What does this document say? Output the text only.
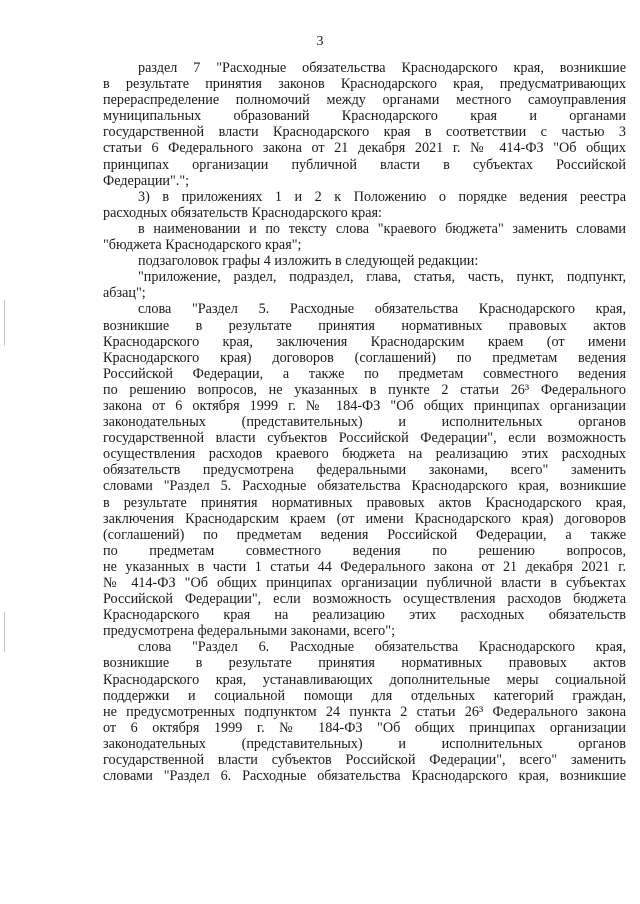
3
раздел 7 "Расходные обязательства Краснодарского края, возникшие
в результате принятия законов Краснодарского края, предусматривающих
перераспределение полномочий между органами местного самоуправления
муниципальных образований Краснодарского края и органами
государственной власти Краснодарского края в соответствии с частью 3
статьи 6 Федерального закона от 21 декабря 2021 г. № 414-ФЗ "Об общих
принципах организации публичной власти в субъектах Российской
Федерации".";
3) в приложениях 1 и 2 к Положению о порядке ведения реестра
расходных обязательств Краснодарского края:
в наименовании и по тексту слова "краевого бюджета" заменить словами
"бюджета Краснодарского края";
подзаголовок графы 4 изложить в следующей редакции:
"приложение, раздел, подраздел, глава, статья, часть, пункт, подпункт,
абзац";
слова "Раздел 5. Расходные обязательства Краснодарского края,
возникшие в результате принятия нормативных правовых актов
Краснодарского края, заключения Краснодарским краем (от имени
Краснодарского края) договоров (соглашений) по предметам ведения
Российской Федерации, а также по предметам совместного ведения
по решению вопросов, не указанных в пункте 2 статьи 26³ Федерального
закона от 6 октября 1999 г. № 184-ФЗ "Об общих принципах организации
законодательных (представительных) и исполнительных органов
государственной власти субъектов Российской Федерации", если возможность
осуществления расходов краевого бюджета на реализацию этих расходных
обязательств предусмотрена федеральными законами, всего" заменить
словами "Раздел 5. Расходные обязательства Краснодарского края, возникшие
в результате принятия нормативных правовых актов Краснодарского края,
заключения Краснодарским краем (от имени Краснодарского края) договоров
(соглашений) по предметам ведения Российской Федерации, а также
по предметам совместного ведения по решению вопросов,
не указанных в части 1 статьи 44 Федерального закона от 21 декабря 2021 г.
№ 414-ФЗ "Об общих принципах организации публичной власти в субъектах
Российской Федерации", если возможность осуществления расходов бюджета
Краснодарского края на реализацию этих расходных обязательств
предусмотрена федеральными законами, всего";
слова "Раздел 6. Расходные обязательства Краснодарского края,
возникшие в результате принятия нормативных правовых актов
Краснодарского края, устанавливающих дополнительные меры социальной
поддержки и социальной помощи для отдельных категорий граждан,
не предусмотренных подпунктом 24 пункта 2 статьи 26³ Федерального закона
от 6 октября 1999 г. № 184-ФЗ "Об общих принципах организации
законодательных (представительных) и исполнительных органов
государственной власти субъектов Российской Федерации", всего" заменить
словами "Раздел 6. Расходные обязательства Краснодарского края, возникшие
